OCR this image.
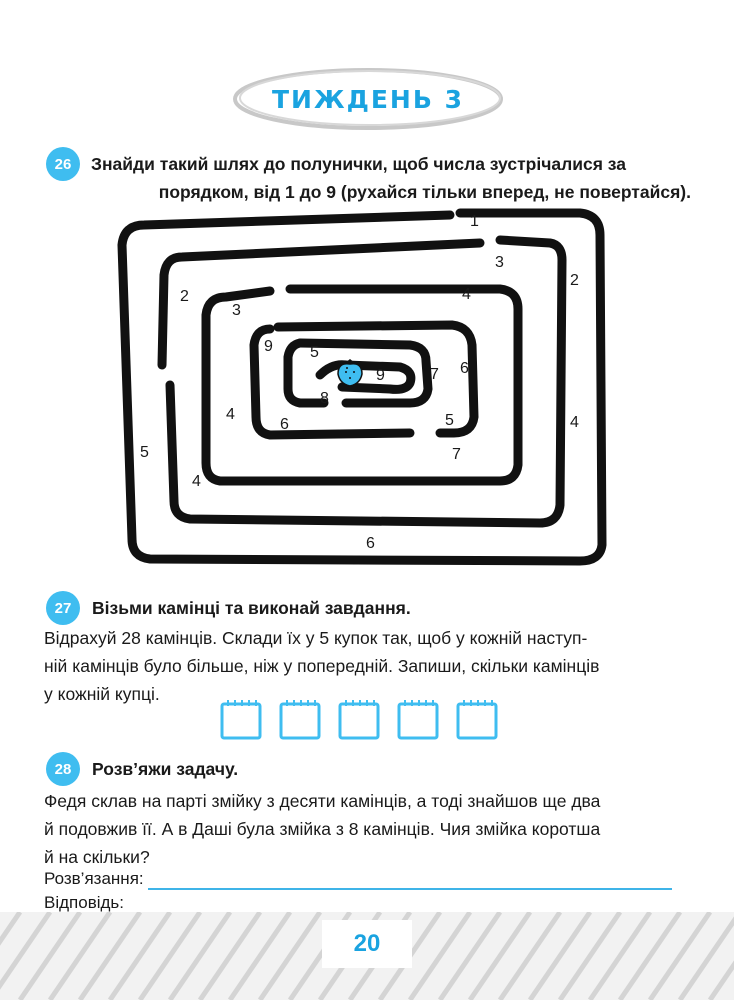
ТИЖДЕНЬ 3
26	Знайди такий шлях до полунички, щоб числа зустрічалися за
порядком, від 1 до 9 (рухайся тільки вперед, не повертайся).
1
2
2
3
3
4
4	4
4
5
5
5
6
6
6
7
7
8
9
9
27	Візьми камінці та виконай завдання.
Відрахуй 28 камінців. Склади їх у 5 купок так, щоб у кожній наступ-
ній камінців було більше, ніж у попередній. Запиши, скільки камінців
у кожній купці.
28	Розв’яжи задачу.
Федя склав на парті змійку з десяти камінців, а тоді знайшов ще два
й подовжив її. А в Даші була змійка з 8 камінців. Чия змійка коротша
й на скільки?
Розв’язання:
Відповідь:
20
